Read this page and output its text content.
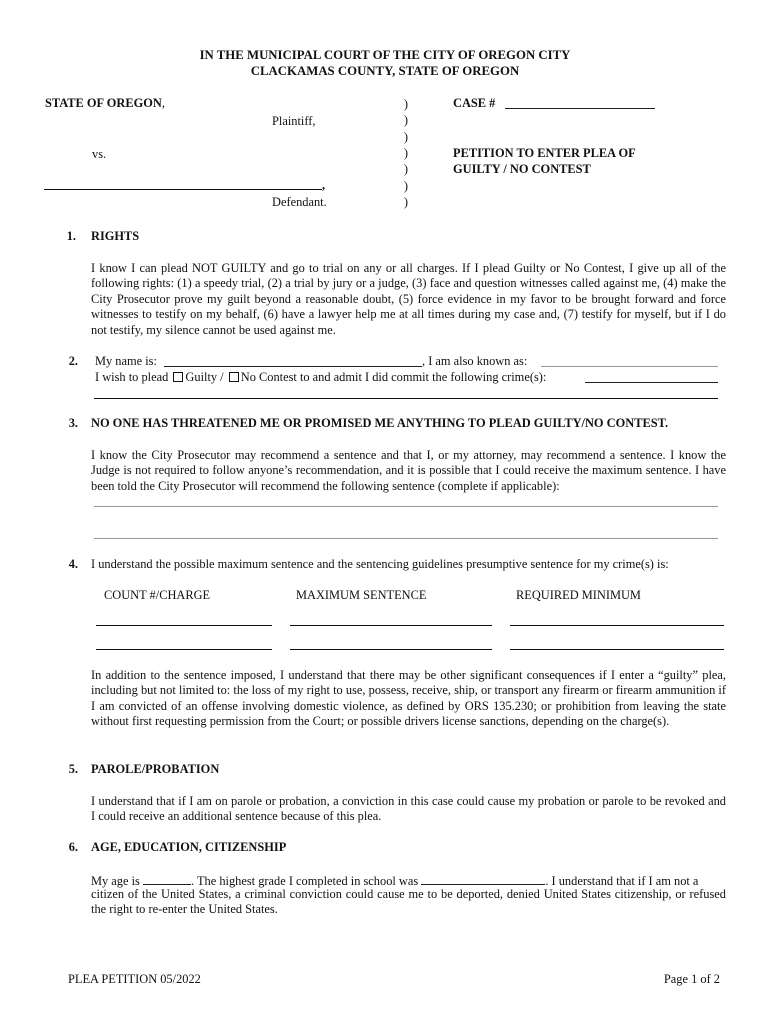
IN THE MUNICIPAL COURT OF THE CITY OF OREGON CITY
CLACKAMAS COUNTY, STATE OF OREGON
STATE OF OREGON,
Plaintiff,
vs.
,
Defendant.
)
)
)
)
)
)
)
CASE #
PETITION TO ENTER PLEA OF
GUILTY / NO CONTEST
1. RIGHTS
I know I can plead NOT GUILTY and go to trial on any or all charges. If I plead Guilty or No Contest, I give up all of the following rights: (1) a speedy trial, (2) a trial by jury or a judge, (3) face and question witnesses called against me, (4) make the City Prosecutor prove my guilt beyond a reasonable doubt, (5) force evidence in my favor to be brought forward and force witnesses to testify on my behalf, (6) have a lawyer help me at all times during my case and, (7) testify for myself, but if I do not testify, my silence cannot be used against me.
2. My name is:	, I am also known as:
I wish to plead Guilty / No Contest to and admit I did commit the following crime(s):
3. NO ONE HAS THREATENED ME OR PROMISED ME ANYTHING TO PLEAD GUILTY/NO CONTEST.
I know the City Prosecutor may recommend a sentence and that I, or my attorney, may recommend a sentence. I know the Judge is not required to follow anyone’s recommendation, and it is possible that I could receive the maximum sentence. I have been told the City Prosecutor will recommend the following sentence (complete if applicable):
4. I understand the possible maximum sentence and the sentencing guidelines presumptive sentence for my crime(s) is:
COUNT #/CHARGE	MAXIMUM SENTENCE	REQUIRED MINIMUM
In addition to the sentence imposed, I understand that there may be other significant consequences if I enter a “guilty” plea, including but not limited to: the loss of my right to use, possess, receive, ship, or transport any firearm or firearm ammunition if I am convicted of an offense involving domestic violence, as defined by ORS 135.230; or prohibition from leaving the state without first requesting permission from the Court; or possible drivers license sanctions, depending on the charge(s).
5. PAROLE/PROBATION
I understand that if I am on parole or probation, a conviction in this case could cause my probation or parole to be revoked and I could receive an additional sentence because of this plea.
6. AGE, EDUCATION, CITIZENSHIP
My age is	. The highest grade I completed in school was	. I understand that if I am not a
citizen of the United States, a criminal conviction could cause me to be deported, denied United States citizenship, or refused the right to re-enter the United States.
PLEA PETITION 05/2022	Page 1 of 2
